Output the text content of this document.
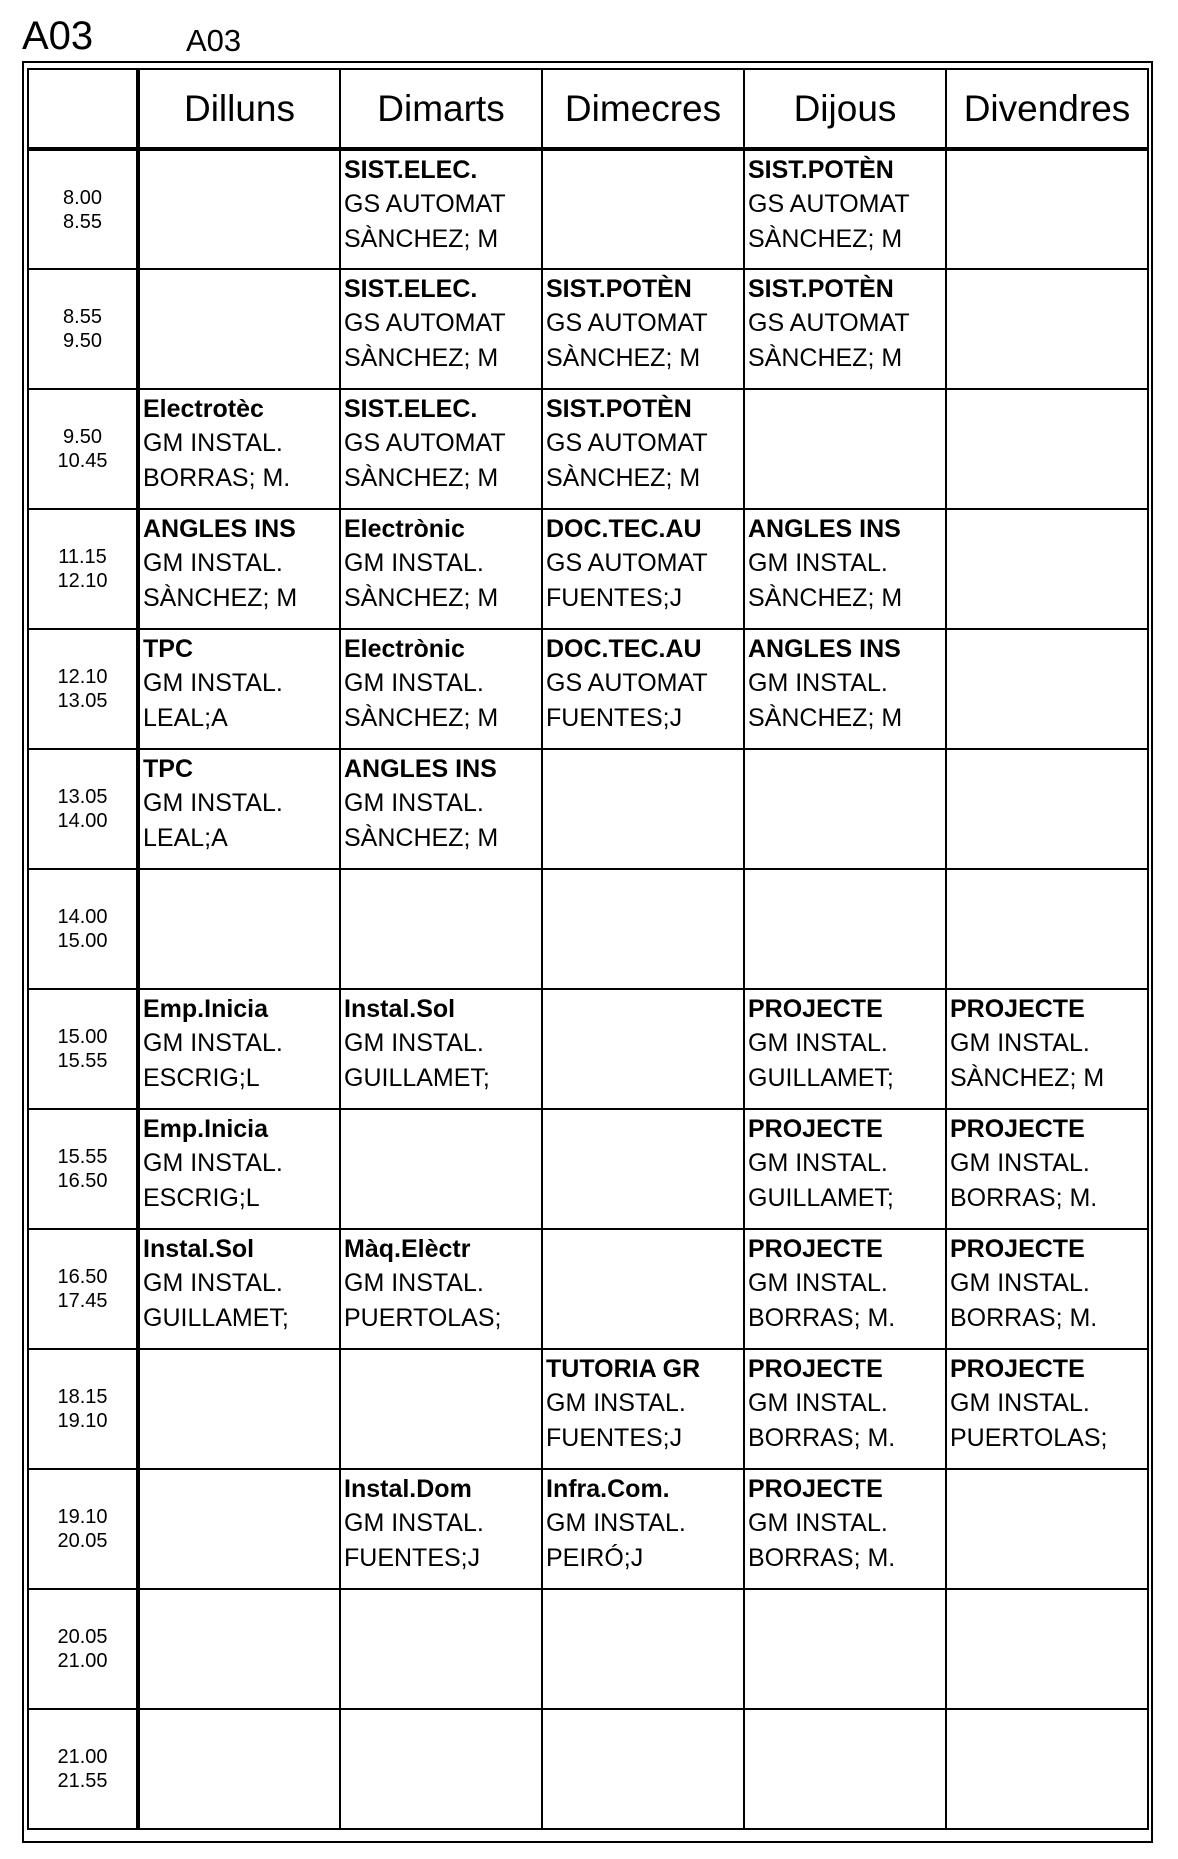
A03	A03
	Dilluns	Dimarts	Dimecres	Dijous	Divendres

8.00
8.55		SIST.ELEC.
GS AUTOMAT
SÀNCHEZ; M		SIST.POTÈN
GS AUTOMAT
SÀNCHEZ; M	

8.55
9.50		SIST.ELEC.
GS AUTOMAT
SÀNCHEZ; M	SIST.POTÈN
GS AUTOMAT
SÀNCHEZ; M	SIST.POTÈN
GS AUTOMAT
SÀNCHEZ; M	

9.50
10.45	Electrotèc
GM INSTAL.
BORRAS; M.	SIST.ELEC.
GS AUTOMAT
SÀNCHEZ; M	SIST.POTÈN
GS AUTOMAT
SÀNCHEZ; M		

11.15
12.10	ANGLES INS
GM INSTAL.
SÀNCHEZ; M	Electrònic
GM INSTAL.
SÀNCHEZ; M	DOC.TEC.AU
GS AUTOMAT
FUENTES;J	ANGLES INS
GM INSTAL.
SÀNCHEZ; M	

12.10
13.05	TPC
GM INSTAL.
LEAL;A	Electrònic
GM INSTAL.
SÀNCHEZ; M	DOC.TEC.AU
GS AUTOMAT
FUENTES;J	ANGLES INS
GM INSTAL.
SÀNCHEZ; M	

13.05
14.00	TPC
GM INSTAL.
LEAL;A	ANGLES INS
GM INSTAL.
SÀNCHEZ; M			

14.00
15.00					

15.00
15.55	Emp.Inicia
GM INSTAL.
ESCRIG;L	Instal.Sol
GM INSTAL.
GUILLAMET;		PROJECTE
GM INSTAL.
GUILLAMET;	PROJECTE
GM INSTAL.
SÀNCHEZ; M

15.55
16.50	Emp.Inicia
GM INSTAL.
ESCRIG;L			PROJECTE
GM INSTAL.
GUILLAMET;	PROJECTE
GM INSTAL.
BORRAS; M.

16.50
17.45	Instal.Sol
GM INSTAL.
GUILLAMET;	Màq.Elèctr
GM INSTAL.
PUERTOLAS;		PROJECTE
GM INSTAL.
BORRAS; M.	PROJECTE
GM INSTAL.
BORRAS; M.

18.15
19.10			TUTORIA GR
GM INSTAL.
FUENTES;J	PROJECTE
GM INSTAL.
BORRAS; M.	PROJECTE
GM INSTAL.
PUERTOLAS;

19.10
20.05		Instal.Dom
GM INSTAL.
FUENTES;J	Infra.Com.
GM INSTAL.
PEIRÓ;J	PROJECTE
GM INSTAL.
BORRAS; M.	

20.05
21.00					

21.00
21.55					
